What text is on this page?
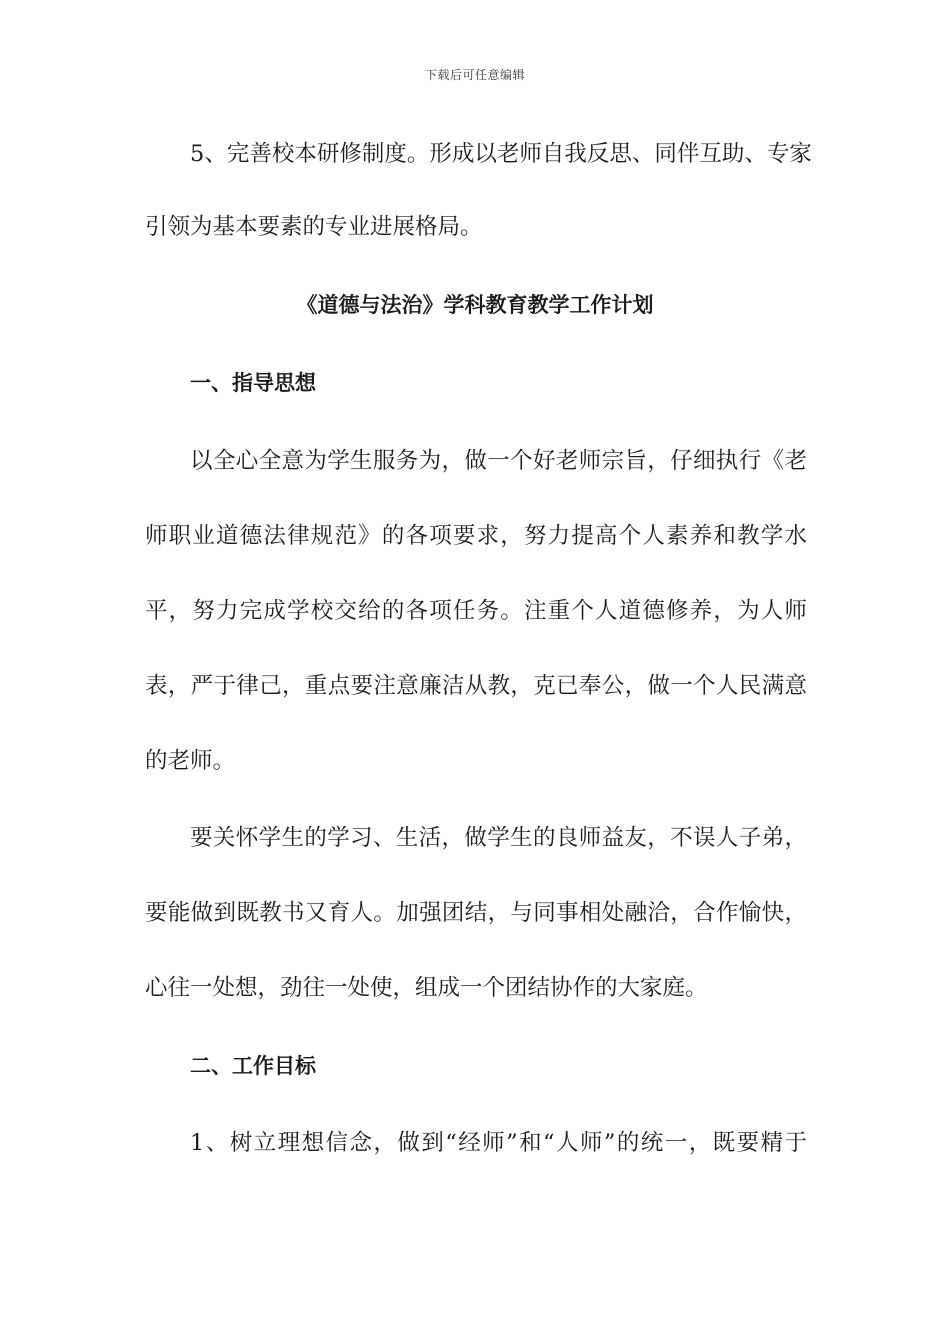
下载后可任意编辑
5、完善校本研修制度。形成以老师自我反思、同伴互助、专家
引领为基本要素的专业进展格局。
《道德与法治》学科教育教学工作计划
一、指导思想
以全心全意为学生服务为，做一个好老师宗旨，仔细执行《老
师职业道德法律规范》的各项要求，努力提高个人素养和教学水
平，努力完成学校交给的各项任务。注重个人道德修养，为人师
表，严于律己，重点要注意廉洁从教，克已奉公，做一个人民满意
的老师。
要关怀学生的学习、生活，做学生的良师益友，不误人子弟，
要能做到既教书又育人。加强团结，与同事相处融洽，合作愉快，
心往一处想，劲往一处使，组成一个团结协作的大家庭。
二、工作目标
1、树立理想信念，做到“经师”和“人师”的统一，既要精于
